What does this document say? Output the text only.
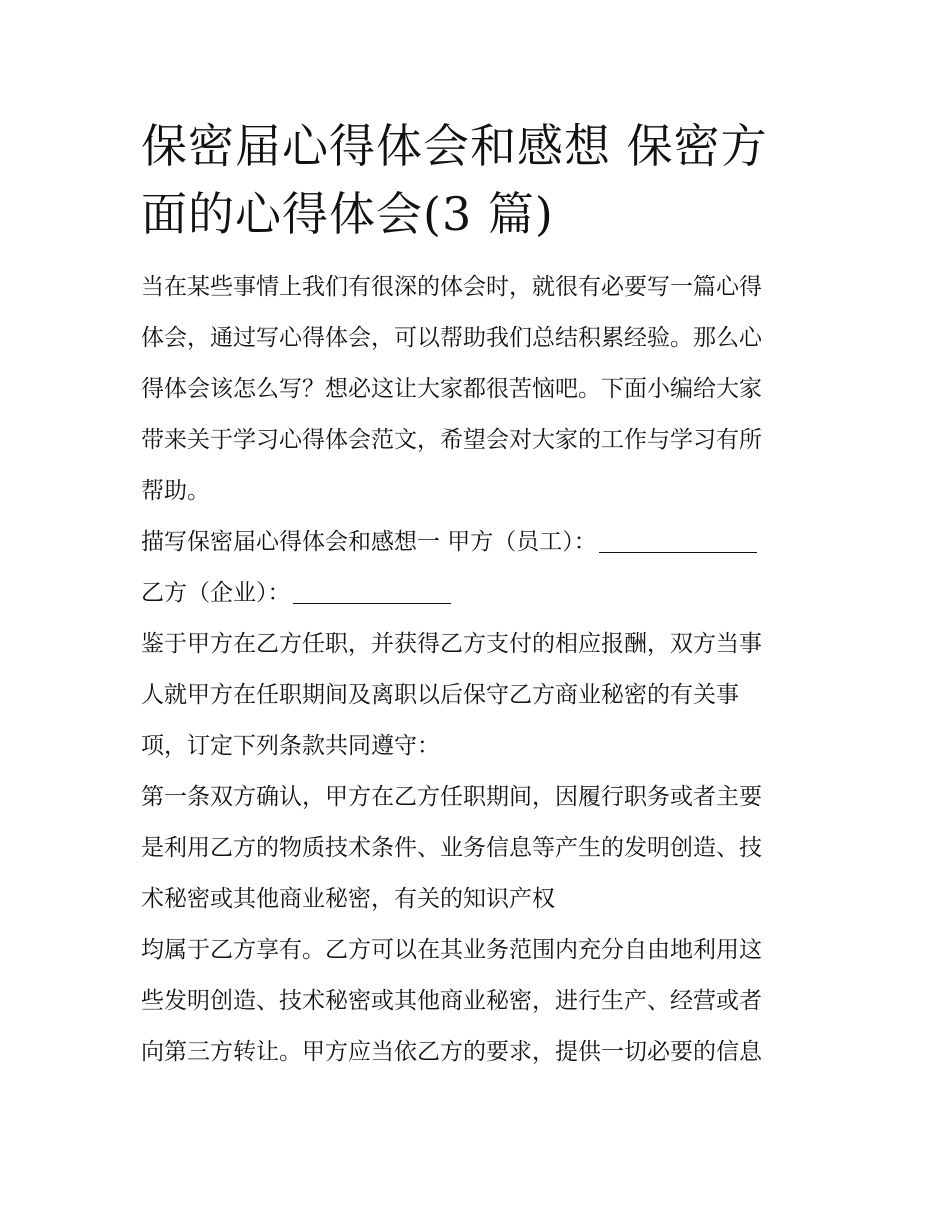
保密届心得体会和感想 保密方
面的心得体会(3 篇)

当在某些事情上我们有很深的体会时，就很有必要写一篇心得
体会，通过写心得体会，可以帮助我们总结积累经验。那么心
得体会该怎么写？想必这让大家都很苦恼吧。下面小编给大家
带来关于学习心得体会范文，希望会对大家的工作与学习有所
帮助。

描写保密届心得体会和感想一 甲方（员工）：
乙方（企业）：

鉴于甲方在乙方任职，并获得乙方支付的相应报酬，双方当事
人就甲方在任职期间及离职以后保守乙方商业秘密的有关事
项，订定下列条款共同遵守：

第一条双方确认，甲方在乙方任职期间，因履行职务或者主要
是利用乙方的物质技术条件、业务信息等产生的发明创造、技
术秘密或其他商业秘密，有关的知识产权

均属于乙方享有。乙方可以在其业务范围内充分自由地利用这
些发明创造、技术秘密或其他商业秘密，进行生产、经营或者
向第三方转让。甲方应当依乙方的要求，提供一切必要的信息
